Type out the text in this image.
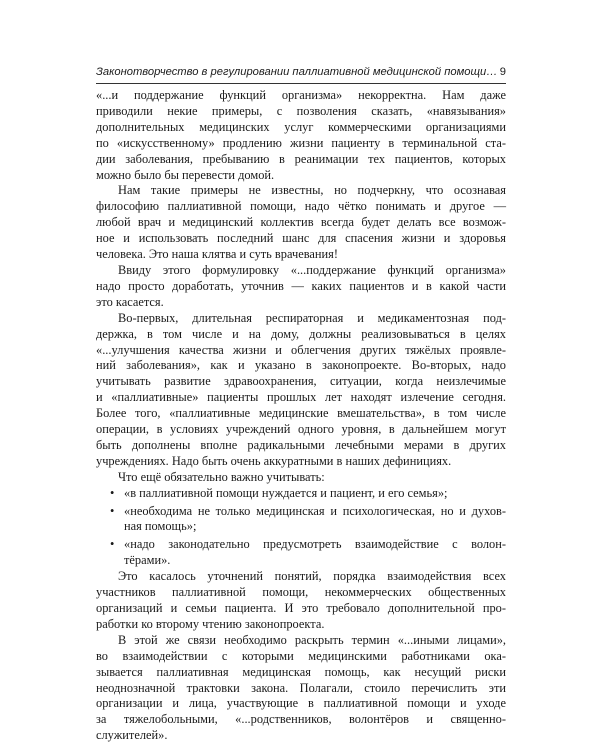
Законотворчество в регулировании паллиативной медицинской помощи… 9
«...и поддержание функций организма» некорректна. Нам даже
приводили некие примеры, с позволения сказать, «навязывания»
дополнительных медицинских услуг коммерческими организациями
по «искусственному» продлению жизни пациенту в терминальной ста-
дии заболевания, пребыванию в реанимации тех пациентов, которых
можно было бы перевести домой.
Нам такие примеры не известны, но подчеркну, что осознавая
философию паллиативной помощи, надо чётко понимать и другое —
любой врач и медицинский коллектив всегда будет делать все возмож-
ное и использовать последний шанс для спасения жизни и здоровья
человека. Это наша клятва и суть врачевания!
Ввиду этого формулировку «...поддержание функций организма»
надо просто доработать, уточнив — каких пациентов и в какой части
это касается.
Во-первых, длительная респираторная и медикаментозная под-
держка, в том числе и на дому, должны реализовываться в целях
«...улучшения качества жизни и облегчения других тяжёлых проявле-
ний заболевания», как и указано в законопроекте. Во-вторых, надо
учитывать развитие здравоохранения, ситуации, когда неизлечимые
и «паллиативные» пациенты прошлых лет находят излечение сегодня.
Более того, «паллиативные медицинские вмешательства», в том числе
операции, в условиях учреждений одного уровня, в дальнейшем могут
быть дополнены вполне радикальными лечебными мерами в других
учреждениях. Надо быть очень аккуратными в наших дефинициях.
Что ещё обязательно важно учитывать:
• «в паллиативной помощи нуждается и пациент, и его семья»;
• «необходима не только медицинская и психологическая, но и духов-
ная помощь»;
• «надо законодательно предусмотреть взаимодействие с волон-
тёрами».
Это касалось уточнений понятий, порядка взаимодействия всех
участников паллиативной помощи, некоммерческих общественных
организаций и семьи пациента. И это требовало дополнительной про-
работки ко второму чтению законопроекта.
В этой же связи необходимо раскрыть термин «...иными лицами»,
во взаимодействии с которыми медицинскими работниками ока-
зывается паллиативная медицинская помощь, как несущий риски
неоднозначной трактовки закона. Полагали, стоило перечислить эти
организации и лица, участвующие в паллиативной помощи и уходе
за тяжелобольными, «...родственников, волонтёров и священно-
служителей».
